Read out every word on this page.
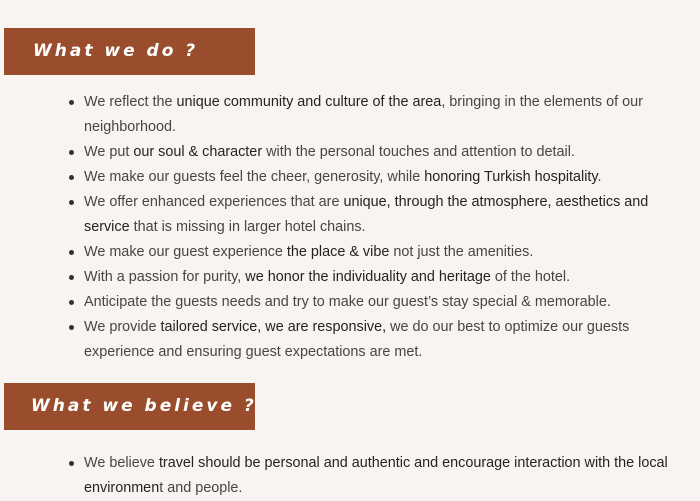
What we do ?
We reflect the unique community and culture of the area, bringing in the elements of our neighborhood.
We put our soul & character with the personal touches and attention to detail.
We make our guests feel the cheer, generosity, while honoring Turkish hospitality.
We offer enhanced experiences that are unique, through the atmosphere, aesthetics and service that is missing in larger hotel chains.
We make our guest experience the place & vibe not just the amenities.
With a passion for purity, we honor the individuality and heritage of the hotel.
Anticipate the guests needs and try to make our guest’s stay special & memorable.
We provide tailored service, we are responsive, we do our best to optimize our guests experience and ensuring guest expectations are met.
What we believe ?
We believe travel should be personal and authentic and encourage interaction with the local environment and people.
